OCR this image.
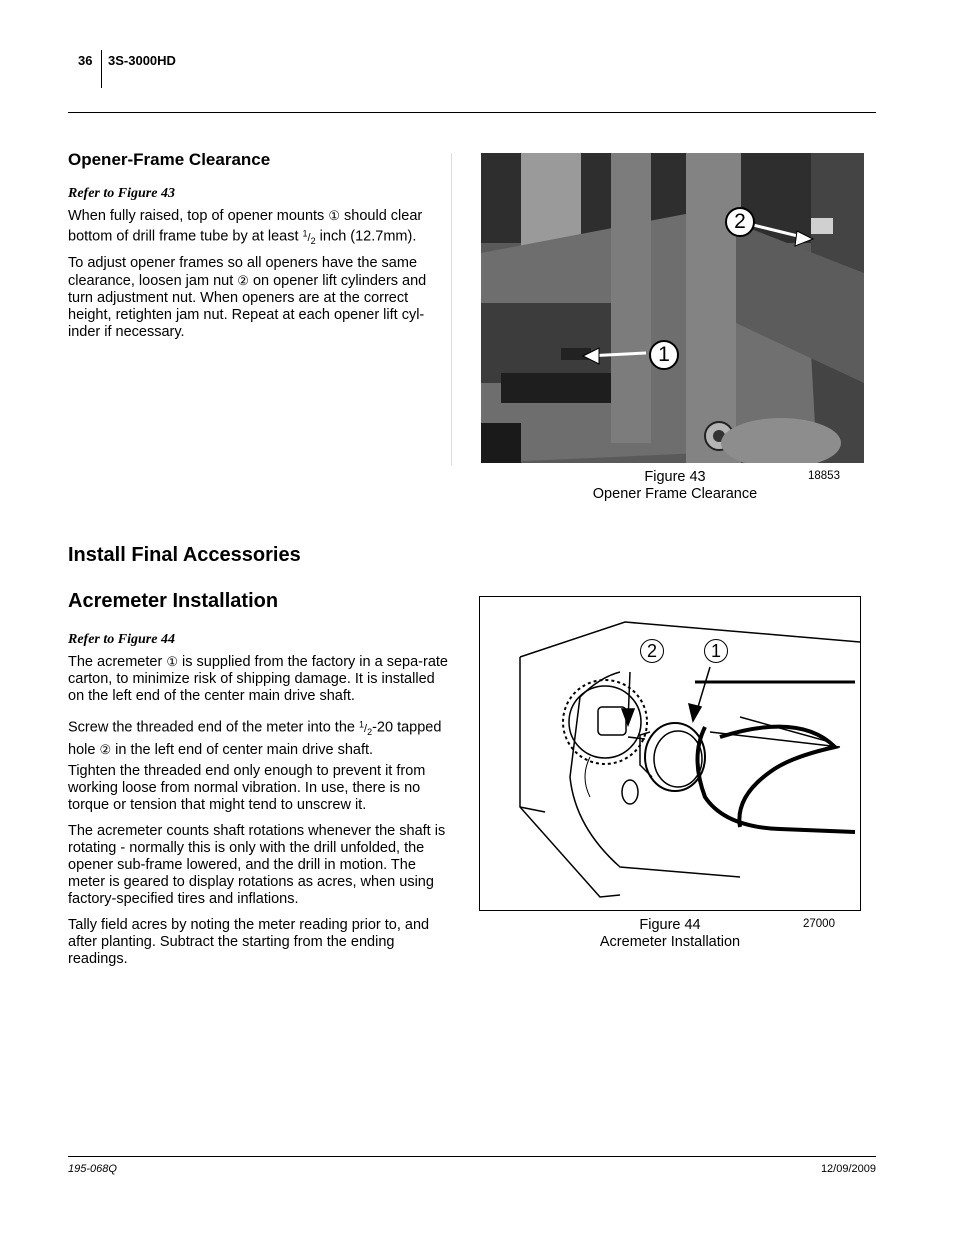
36 3S-3000HD
Opener-Frame Clearance
Refer to Figure 43

When fully raised, top of opener mounts ① should clear bottom of drill frame tube by at least $^1/_2$ inch (12.7mm).

To adjust opener frames so all openers have the same clearance, loosen jam nut ② on opener lift cylinders and turn adjustment nut. When openers are at the correct height, retighten jam nut. Repeat at each opener lift cyl-inder if necessary.

1
2
Figure 43
Opener Frame Clearance
18853
Install Final Accessories
Acremeter Installation
Refer to Figure 44

The acremeter ① is supplied from the factory in a sepa-rate carton, to minimize risk of shipping damage. It is installed on the left end of the center main drive shaft.

Screw the threaded end of the meter into the $^1/_2-20$ tapped hole ② in the left end of center main drive shaft.

Tighten the threaded end only enough to prevent it from working loose from normal vibration. In use, there is no torque or tension that might tend to unscrew it.

The acremeter counts shaft rotations whenever the shaft is rotating - normally this is only with the drill unfolded, the opener sub-frame lowered, and the drill in motion. The meter is geared to display rotations as acres, when using factory-specified tires and inflations.

Tally field acres by noting the meter reading prior to, and after planting. Subtract the starting from the ending readings.

2	1
Figure 44
Acremeter Installation
27000
195-068Q	12/09/2009
